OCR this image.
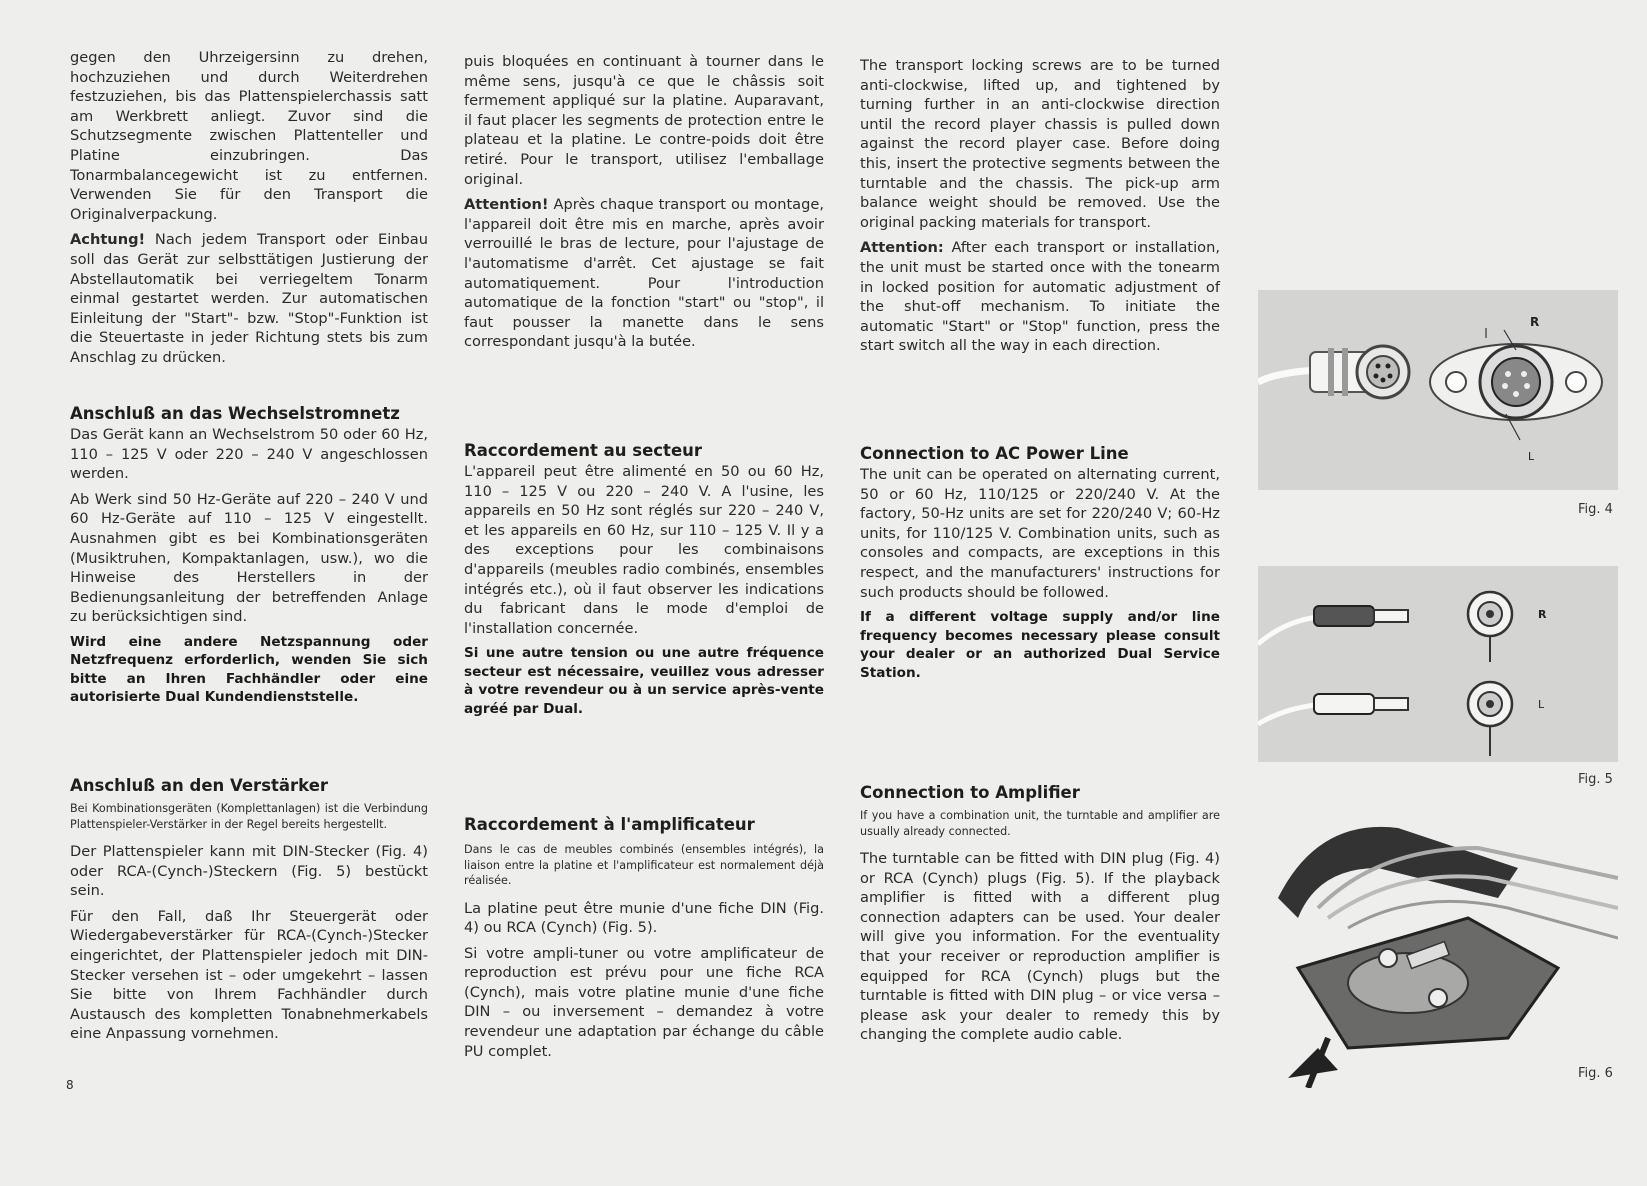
gegen den Uhrzeigersinn zu drehen, hochzuziehen und durch Weiterdrehen festzuziehen, bis das Plattenspielerchassis satt am Werkbrett anliegt. Zuvor sind die Schutzsegmente zwischen Plattenteller und Platine einzubringen. Das Tonarmbalancegewicht ist zu entfernen. Verwenden Sie für den Transport die Originalverpackung.

Achtung! Nach jedem Transport oder Einbau soll das Gerät zur selbsttätigen Justierung der Abstellautomatik bei verriegeltem Tonarm einmal gestartet werden. Zur automatischen Einleitung der "Start"- bzw. "Stop"-Funktion ist die Steuertaste in jeder Richtung stets bis zum Anschlag zu drücken.

Anschluß an das Wechselstromnetz

Das Gerät kann an Wechselstrom 50 oder 60 Hz, 110 – 125 V oder 220 – 240 V angeschlossen werden.

Ab Werk sind 50 Hz-Geräte auf 220 – 240 V und 60 Hz-Geräte auf 110 – 125 V eingestellt. Ausnahmen gibt es bei Kombinationsgeräten (Musiktruhen, Kompaktanlagen, usw.), wo die Hinweise des Herstellers in der Bedienungsanleitung der betreffenden Anlage zu berücksichtigen sind.

Wird eine andere Netzspannung oder Netzfrequenz erforderlich, wenden Sie sich bitte an Ihren Fachhändler oder eine autorisierte Dual Kundendienststelle.

Anschluß an den Verstärker

Bei Kombinationsgeräten (Komplettanlagen) ist die Verbindung Plattenspieler-Verstärker in der Regel bereits hergestellt.

Der Plattenspieler kann mit DIN-Stecker (Fig. 4) oder RCA-(Cynch-)Steckern (Fig. 5) bestückt sein.

Für den Fall, daß Ihr Steuergerät oder Wiedergabeverstärker für RCA-(Cynch-)Stecker eingerichtet, der Plattenspieler jedoch mit DIN-Stecker versehen ist – oder umgekehrt – lassen Sie bitte von Ihrem Fachhändler durch Austausch des kompletten Tonabnehmerkabels eine Anpassung vornehmen.

puis bloquées en continuant à tourner dans le même sens, jusqu'à ce que le châssis soit fermement appliqué sur la platine. Auparavant, il faut placer les segments de protection entre le plateau et la platine. Le contre-poids doit être retiré. Pour le transport, utilisez l'emballage original.

Attention! Après chaque transport ou montage, l'appareil doit être mis en marche, après avoir verrouillé le bras de lecture, pour l'ajustage de l'automatisme d'arrêt. Cet ajustage se fait automatiquement. Pour l'introduction automatique de la fonction "start" ou "stop", il faut pousser la manette dans le sens correspondant jusqu'à la butée.

Raccordement au secteur

L'appareil peut être alimenté en 50 ou 60 Hz, 110 – 125 V ou 220 – 240 V. A l'usine, les appareils en 50 Hz sont réglés sur 220 – 240 V, et les appareils en 60 Hz, sur 110 – 125 V. Il y a des exceptions pour les combinaisons d'appareils (meubles radio combinés, ensembles intégrés etc.), où il faut observer les indications du fabricant dans le mode d'emploi de l'installation concernée.

Si une autre tension ou une autre fréquence secteur est nécessaire, veuillez vous adresser à votre revendeur ou à un service après-vente agréé par Dual.

Raccordement à l'amplificateur

Dans le cas de meubles combinés (ensembles intégrés), la liaison entre la platine et l'amplificateur est normalement déjà réalisée.

La platine peut être munie d'une fiche DIN (Fig. 4) ou RCA (Cynch) (Fig. 5).

Si votre ampli-tuner ou votre amplificateur de reproduction est prévu pour une fiche RCA (Cynch), mais votre platine munie d'une fiche DIN – ou inversement – demandez à votre revendeur une adaptation par échange du câble PU complet.

The transport locking screws are to be turned anti-clockwise, lifted up, and tightened by turning further in an anti-clockwise direction until the record player chassis is pulled down against the record player case. Before doing this, insert the protective segments between the turntable and the chassis. The pick-up arm balance weight should be removed. Use the original packing materials for transport.

Attention: After each transport or installation, the unit must be started once with the tonearm in locked position for automatic adjustment of the shut-off mechanism. To initiate the automatic "Start" or "Stop" function, press the start switch all the way in each direction.

Connection to AC Power Line

The unit can be operated on alternating current, 50 or 60 Hz, 110/125 or 220/240 V. At the factory, 50-Hz units are set for 220/240 V; 60-Hz units, for 110/125 V. Combination units, such as consoles and compacts, are exceptions in this respect, and the manufacturers' instructions for such products should be followed.

If a different voltage supply and/or line frequency becomes necessary please consult your dealer or an authorized Dual Service Station.

Connection to Amplifier

If you have a combination unit, the turntable and amplifier are usually already connected.

The turntable can be fitted with DIN plug (Fig. 4) or RCA (Cynch) plugs (Fig. 5). If the playback amplifier is fitted with a different plug connection adapters can be used. Your dealer will give you information. For the eventuality that your receiver or reproduction amplifier is equipped for RCA (Cynch) plugs but the turntable is fitted with DIN plug – or vice versa – please ask your dealer to remedy this by changing the complete audio cable.

8
R
L
Fig. 4
R
L
Fig. 5
Fig. 6
